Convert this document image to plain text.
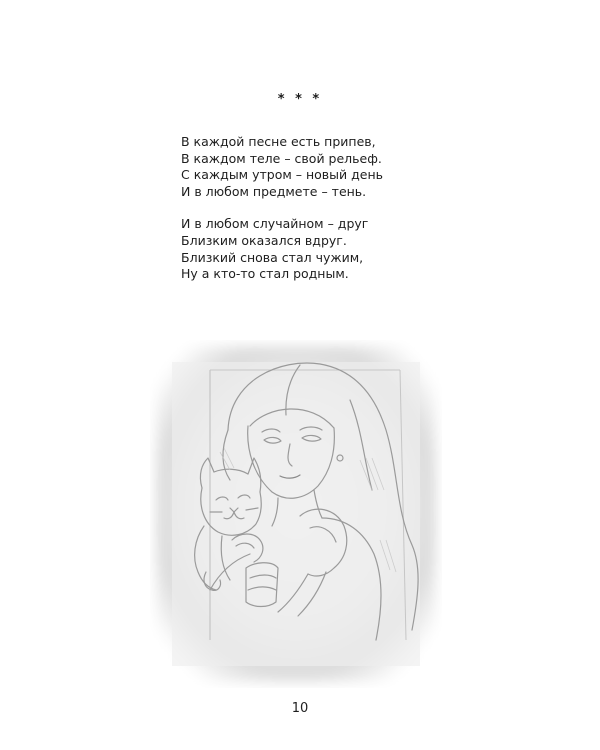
* * *
В каждой песне есть припев,
В каждом теле – свой рельеф.
С каждым утром – новый день
И в любом предмете – тень.
И в любом случайном – друг
Близким оказался вдруг.
Близкий снова стал чужим,
Ну а кто-то стал родным.
10
